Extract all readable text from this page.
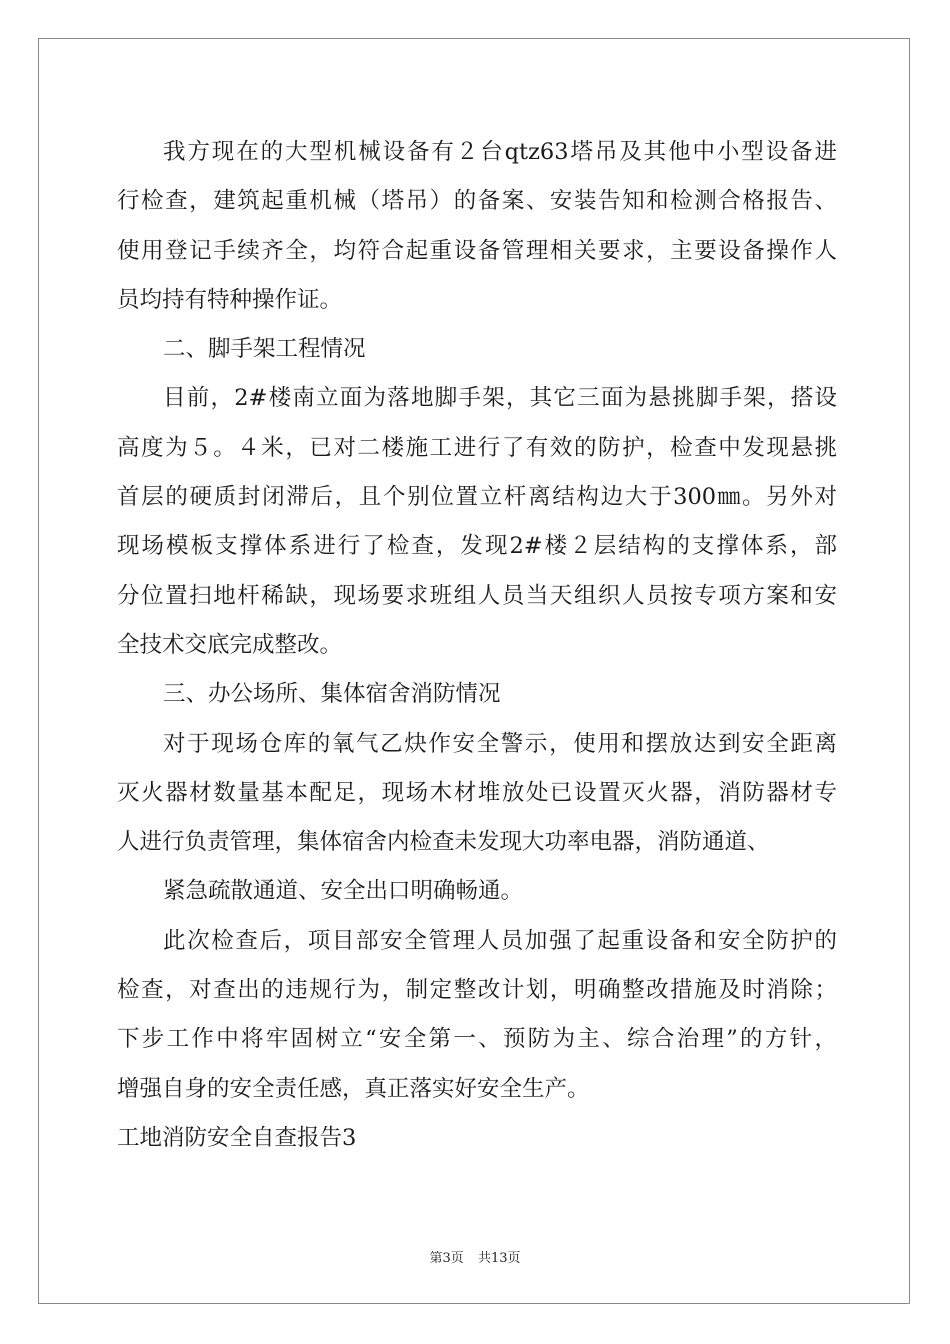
我方现在的大型机械设备有２台qtz63塔吊及其他中小型设备进
行检查，建筑起重机械（塔吊）的备案、安装告知和检测合格报告、
使用登记手续齐全，均符合起重设备管理相关要求，主要设备操作人
员均持有特种操作证。
二、脚手架工程情况
目前，2#楼南立面为落地脚手架，其它三面为悬挑脚手架，搭设
高度为５。４米，已对二楼施工进行了有效的防护，检查中发现悬挑
首层的硬质封闭滞后，且个别位置立杆离结构边大于300㎜。另外对
现场模板支撑体系进行了检查，发现2#楼２层结构的支撑体系，部
分位置扫地杆稀缺，现场要求班组人员当天组织人员按专项方案和安
全技术交底完成整改。
三、办公场所、集体宿舍消防情况
对于现场仓库的氧气乙炔作安全警示，使用和摆放达到安全距离
灭火器材数量基本配足，现场木材堆放处已设置灭火器，消防器材专
人进行负责管理，集体宿舍内检查未发现大功率电器，消防通道、
紧急疏散通道、安全出口明确畅通。
此次检查后，项目部安全管理人员加强了起重设备和安全防护的
检查，对查出的违规行为，制定整改计划，明确整改措施及时消除；
下步工作中将牢固树立“安全第一、预防为主、综合治理”的方针，
增强自身的安全责任感，真正落实好安全生产。
工地消防安全自查报告3
第3页 共13页
